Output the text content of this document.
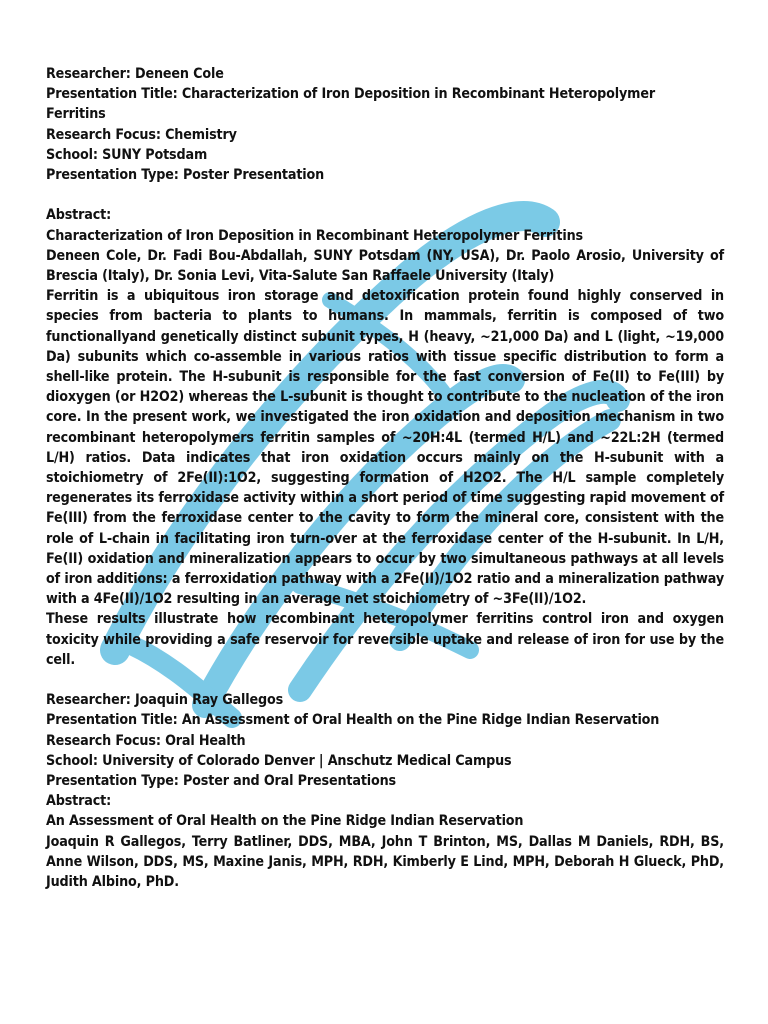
Researcher: Deneen Cole
Presentation Title: Characterization of Iron Deposition in Recombinant Heteropolymer
Ferritins
Research Focus: Chemistry
School: SUNY Potsdam
Presentation Type: Poster Presentation
Abstract:
Characterization of Iron Deposition in Recombinant Heteropolymer Ferritins

Deneen Cole, Dr. Fadi Bou-Abdallah, SUNY Potsdam (NY, USA), Dr. Paolo Arosio, University of Brescia (Italy), Dr. Sonia Levi, Vita-Salute San Raffaele University (Italy)

Ferritin is a ubiquitous iron storage and detoxification protein found highly conserved in species from bacteria to plants to humans. In mammals, ferritin is composed of two functionallyand genetically distinct subunit types, H (heavy, ~21,000 Da) and L (light, ~19,000 Da) subunits which co-assemble in various ratios with tissue specific distribution to form a shell-like protein. The H-subunit is responsible for the fast conversion of Fe(II) to Fe(III) by dioxygen (or H2O2) whereas the L-subunit is thought to contribute to the nucleation of the iron core. In the present work, we investigated the iron oxidation and deposition mechanism in two recombinant heteropolymers ferritin samples of ~20H:4L (termed H/L) and ~22L:2H (termed L/H) ratios. Data indicates that iron oxidation occurs mainly on the H-subunit with a stoichiometry of 2Fe(II):1O2, suggesting formation of H2O2. The H/L sample completely regenerates its ferroxidase activity within a short period of time suggesting rapid movement of Fe(III) from the ferroxidase center to the cavity to form the mineral core, consistent with the role of L-chain in facilitating iron turn-over at the ferroxidase center of the H-subunit. In L/H, Fe(II) oxidation and mineralization appears to occur by two simultaneous pathways at all levels of iron additions: a ferroxidation pathway with a 2Fe(II)/1O2 ratio and a mineralization pathway with a 4Fe(II)/1O2 resulting in an average net stoichiometry of ~3Fe(II)/1O2.

These results illustrate how recombinant heteropolymer ferritins control iron and oxygen toxicity while providing a safe reservoir for reversible uptake and release of iron for use by the cell.

Researcher: Joaquin Ray Gallegos
Presentation Title: An Assessment of Oral Health on the Pine Ridge Indian Reservation
Research Focus: Oral Health
School: University of Colorado Denver | Anschutz Medical Campus
Presentation Type: Poster and Oral Presentations
Abstract:
An Assessment of Oral Health on the Pine Ridge Indian Reservation

Joaquin R Gallegos, Terry Batliner, DDS, MBA, John T Brinton, MS, Dallas M Daniels, RDH, BS, Anne Wilson, DDS, MS, Maxine Janis, MPH, RDH, Kimberly E Lind, MPH, Deborah H Glueck, PhD, Judith Albino, PhD.
